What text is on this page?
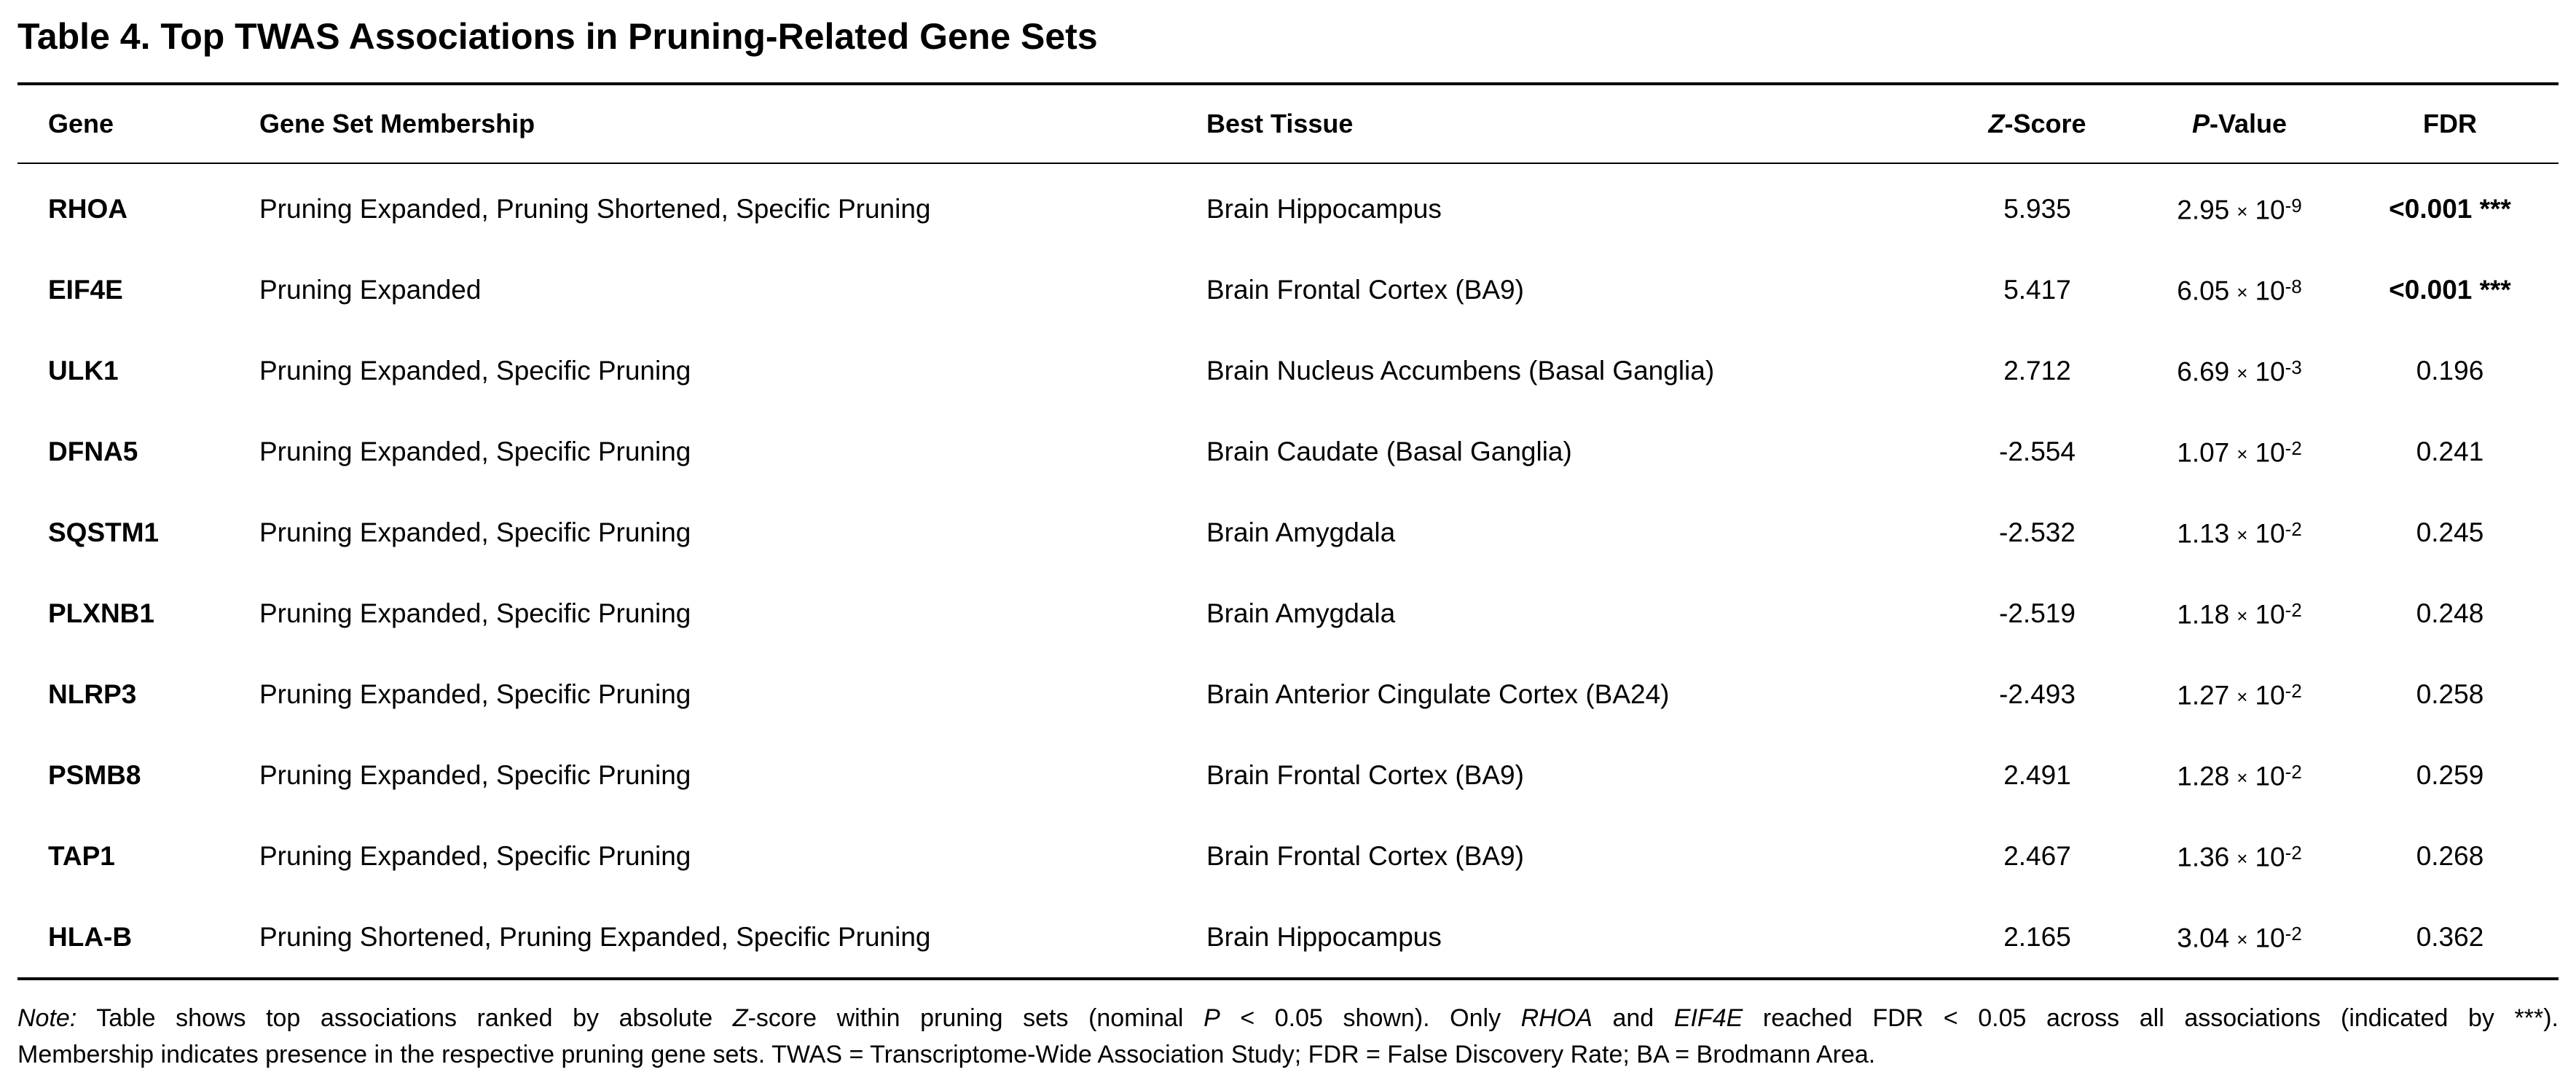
Table 4. Top TWAS Associations in Pruning-Related Gene Sets
Gene	Gene Set Membership	Best Tissue	Z-Score	P-Value	FDR
RHOA	Pruning Expanded, Pruning Shortened, Specific Pruning	Brain Hippocampus	5.935	$2.95 \times 10^{-9}$	<0.001 ***
EIF4E	Pruning Expanded	Brain Frontal Cortex (BA9)	5.417	$6.05 \times 10^{-8}$	<0.001 ***
ULK1	Pruning Expanded, Specific Pruning	Brain Nucleus Accumbens (Basal Ganglia)	2.712	$6.69 \times 10^{-3}$	0.196
DFNA5	Pruning Expanded, Specific Pruning	Brain Caudate (Basal Ganglia)	-2.554	$1.07 \times 10^{-2}$	0.241
SQSTM1	Pruning Expanded, Specific Pruning	Brain Amygdala	-2.532	$1.13 \times 10^{-2}$	0.245
PLXNB1	Pruning Expanded, Specific Pruning	Brain Amygdala	-2.519	$1.18 \times 10^{-2}$	0.248
NLRP3	Pruning Expanded, Specific Pruning	Brain Anterior Cingulate Cortex (BA24)	-2.493	$1.27 \times 10^{-2}$	0.258
PSMB8	Pruning Expanded, Specific Pruning	Brain Frontal Cortex (BA9)	2.491	$1.28 \times 10^{-2}$	0.259
TAP1	Pruning Expanded, Specific Pruning	Brain Frontal Cortex (BA9)	2.467	$1.36 \times 10^{-2}$	0.268
HLA-B	Pruning Shortened, Pruning Expanded, Specific Pruning	Brain Hippocampus	2.165	$3.04 \times 10^{-2}$	0.362
Note: Table shows top associations ranked by absolute Z-score within pruning sets (nominal P < 0.05 shown). Only RHOA and EIF4E reached FDR < 0.05 across all associations (indicated by ***).
Membership indicates presence in the respective pruning gene sets. TWAS = Transcriptome-Wide Association Study; FDR = False Discovery Rate; BA = Brodmann Area.
